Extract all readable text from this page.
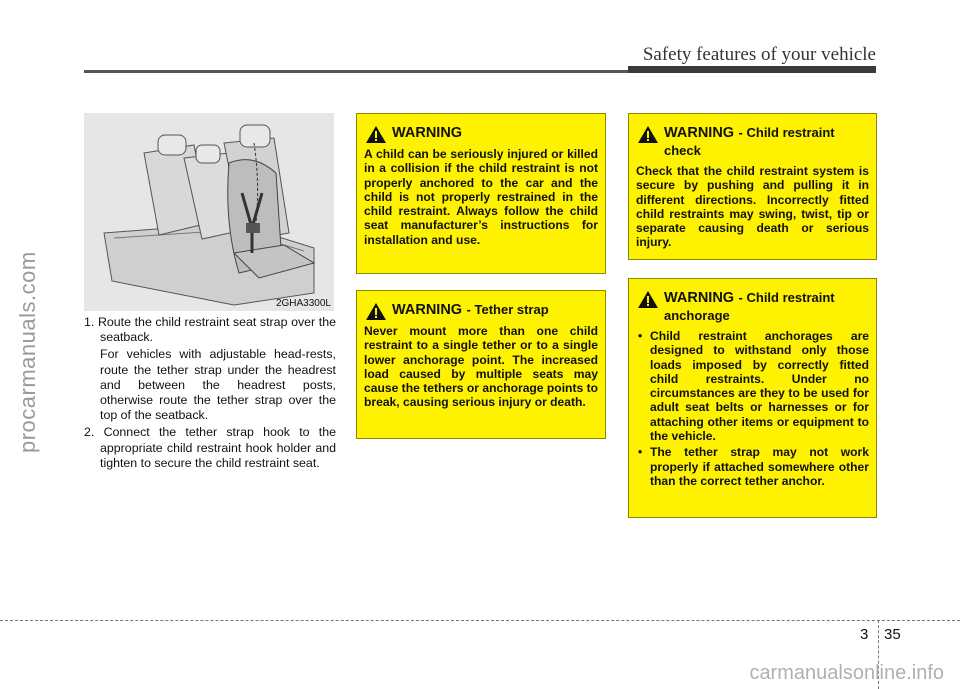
Safety features of your vehicle
procarmanuals.com	2GHA3300L

1. Route the child restraint seat strap over the seatback.

For vehicles with adjustable head-rests, route the tether strap under the headrest and between the headrest posts, otherwise route the tether strap over the top of the seatback.

2. Connect the tether strap hook to the appropriate child restraint hook holder and tighten to secure the child restraint seat.

WARNING

A child can be seriously injured or killed in a collision if the child restraint is not properly anchored to the car and the child is not properly restrained in the child restraint. Always follow the child seat manufacturer’s instructions for installation and use.

WARNING - Tether strap

Never mount more than one child restraint to a single tether or to a single lower anchorage point. The increased load caused by multiple seats may cause the tethers or anchorage points to break, causing serious injury or death.

WARNING - Child restraint check

Check that the child restraint system is secure by pushing and pulling it in different directions. Incorrectly fitted child restraints may swing, twist, tip or separate causing death or serious injury.

WARNING - Child restraint anchorage
• Child restraint anchorages are designed to withstand only those loads imposed by correctly fitted child restraints. Under no circumstances are they to be used for adult seat belts or harnesses or for attaching other items or equipment to the vehicle.
• The tether strap may not work properly if attached somewhere other than the correct tether anchor.
3 35
carmanualsonline.info
